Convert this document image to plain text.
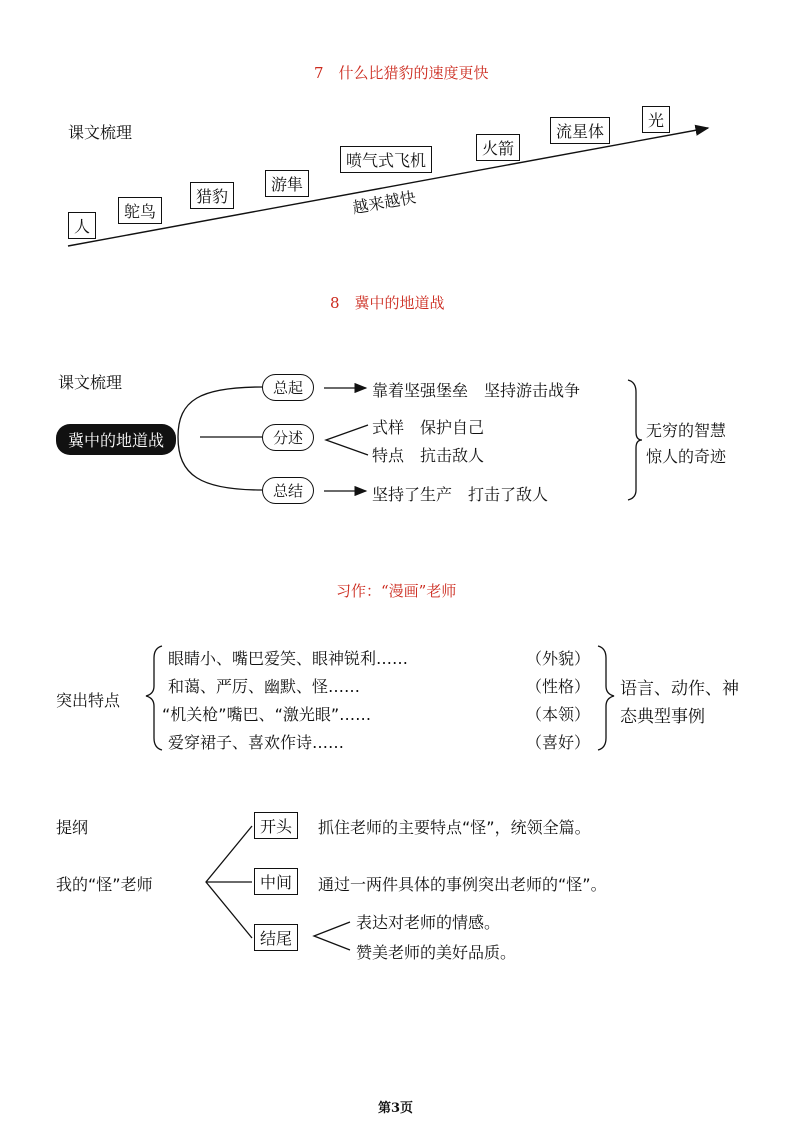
7　什么比猎豹的速度更快
课文梳理
人
鸵鸟
猎豹
游隼
喷气式飞机
火箭
流星体
光
越来越快
8　冀中的地道战
课文梳理
冀中的地道战
总起
分述
总结
靠着坚强堡垒　坚持游击战争
式样　保护自己
特点　抗击敌人
坚持了生产　打击了敌人
无穷的智慧
惊人的奇迹
习作：“漫画”老师
突出特点
眼睛小、嘴巴爱笑、眼神锐利……	（外貌）
和蔼、严厉、幽默、怪……	（性格）
“机关枪”嘴巴、“激光眼”……	（本领）
爱穿裙子、喜欢作诗……	（喜好）
语言、动作、神
态典型事例
提纲
我的“怪”老师
开头
中间
结尾
抓住老师的主要特点“怪”，统领全篇。
通过一两件具体的事例突出老师的“怪”。
表达对老师的情感。
赞美老师的美好品质。
第3页
